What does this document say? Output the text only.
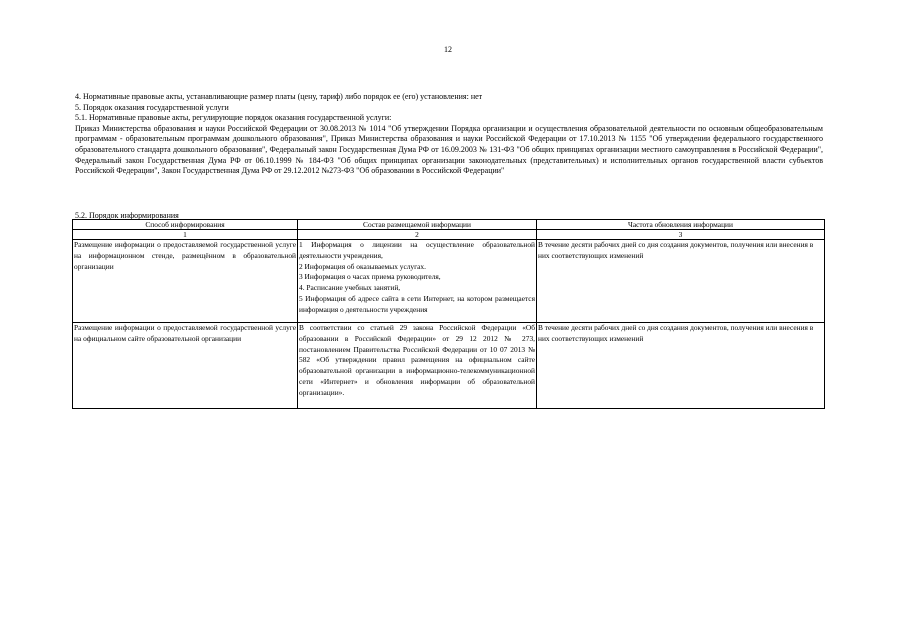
12
4. Нормативные правовые акты, устанавливающие размер платы (цену, тариф) либо порядок ее (его) установления: нет
5. Порядок оказания государственной услуги
5.1. Нормативные правовые акты, регулирующие порядок оказания государственной услуги:
Приказ Министерства образования и науки Российской Федерации от 30.08.2013 № 1014 "Об утверждении Порядка организации и осуществления образовательной деятельности по основным общеобразовательным программам - образовательным программам дошкольного образования", Приказ Министерства образования и науки Российской Федерации от 17.10.2013 № 1155 "Об утверждении федерального государственного образовательного стандарта дошкольного образования", Федеральный закон Государственная Дума РФ от 16.09.2003 № 131-ФЗ "Об общих принципах организации местного самоуправления в Российской Федерации", Федеральный закон Государственная Дума РФ от 06.10.1999 № 184-ФЗ "Об общих принципах организации законодательных (представительных) и исполнительных органов государственной власти субъектов Российской Федерации", Закон Государственная Дума РФ от 29.12.2012 №273-ФЗ "Об образовании в Российской Федерации"
5.2. Порядок информирования
Способ информирования	Состав размещаемой информации	Частота обновления информации
1	2	3
Размещение информации о предоставляемой государственной услуге на информационном стенде, размещённом в образовательной организации	1 Информация о лицензии на осуществление образовательной деятельности учреждения,
2 Информация об оказываемых услугах.
3 Информация о часах приема руководителя,
4. Расписание учебных занятий,
5 Информация об адресе сайта в сети Интернет, на котором размещается информация о деятельности учреждения	В течение десяти рабочих дней со дня создания документов, получения или внесения в них соответствующих изменений
Размещение информации о предоставляемой государственной услуге на официальном сайте образовательной организации	В соответствии со статьей 29 закона Российской Федерации «Об образовании в Российской Федерации» от 29 12 2012 № 273, постановлением Правительства Российской Федерации от 10 07 2013 № 582 «Об утверждении правил размещения на официальном сайте образовательной организации в информационно-телекоммуникационной сети «Интернет» и обновления информации об образовательной организации».	В течение десяти рабочих дней со дня создания документов, получения или внесения в них соответствующих изменений
